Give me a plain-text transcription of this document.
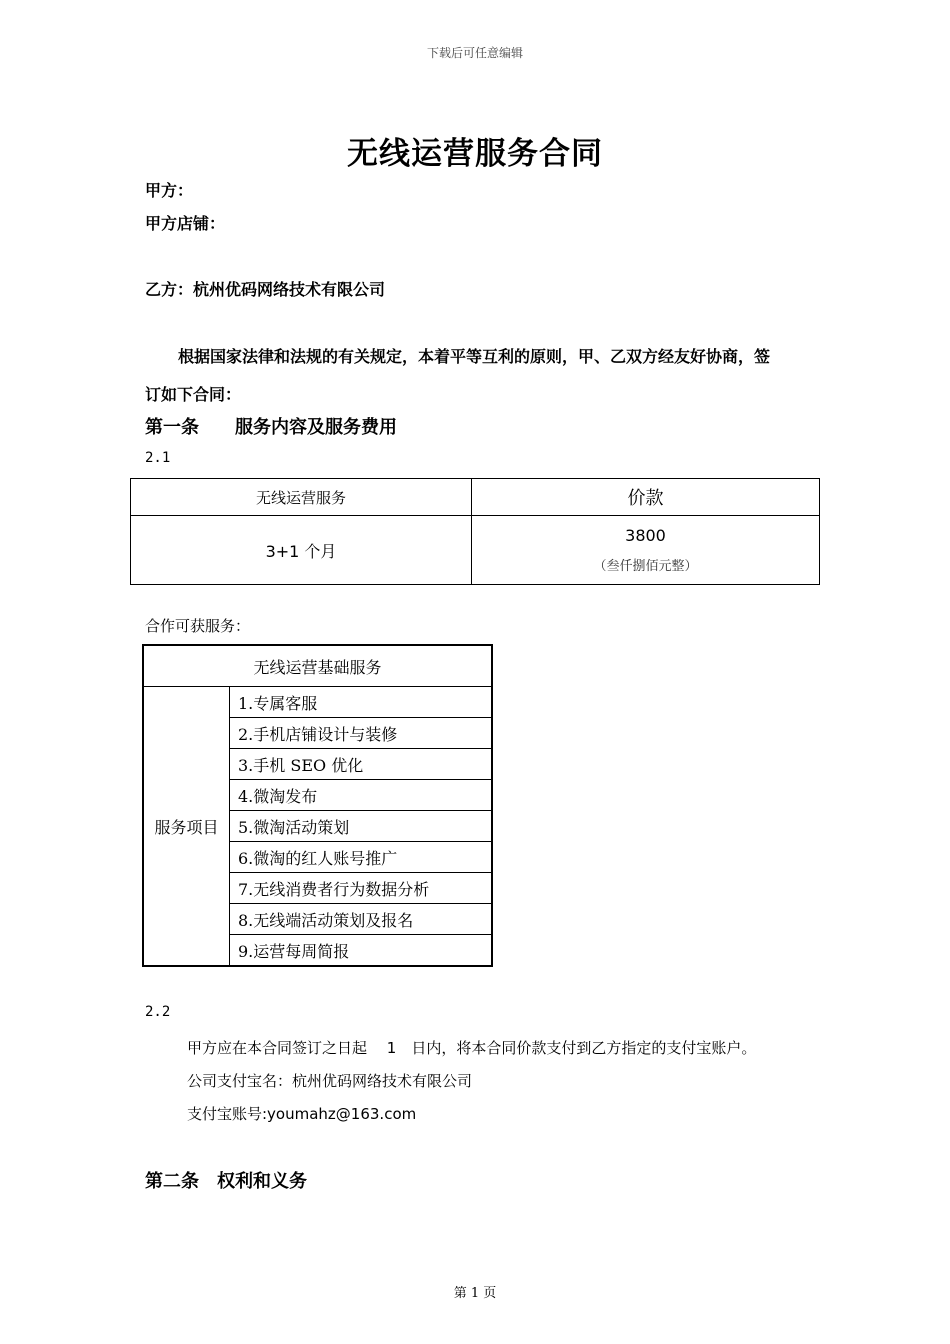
下载后可任意编辑
无线运营服务合同
甲方：
甲方店铺：
乙方：杭州优码网络技术有限公司
根据国家法律和法规的有关规定，本着平等互利的原则，甲、乙双方经友好协商，签
订如下合同：
第一条　　服务内容及服务费用
2.1
无线运营服务	价款
3+1 个月	3800
（叁仟捌佰元整）
合作可获服务：
无线运营基础服务
服务项目	1.专属客服
2.手机店铺设计与装修
3.手机 SEO 优化
4.微淘发布
5.微淘活动策划
6.微淘的红人账号推广
7.无线消费者行为数据分析
8.无线端活动策划及报名
9.运营每周简报
2.2
甲方应在本合同签订之日起　 1　日内，将本合同价款支付到乙方指定的支付宝账户。
公司支付宝名：杭州优码网络技术有限公司
支付宝账号:youmahz@163.com
第二条　权利和义务
第 1 页
